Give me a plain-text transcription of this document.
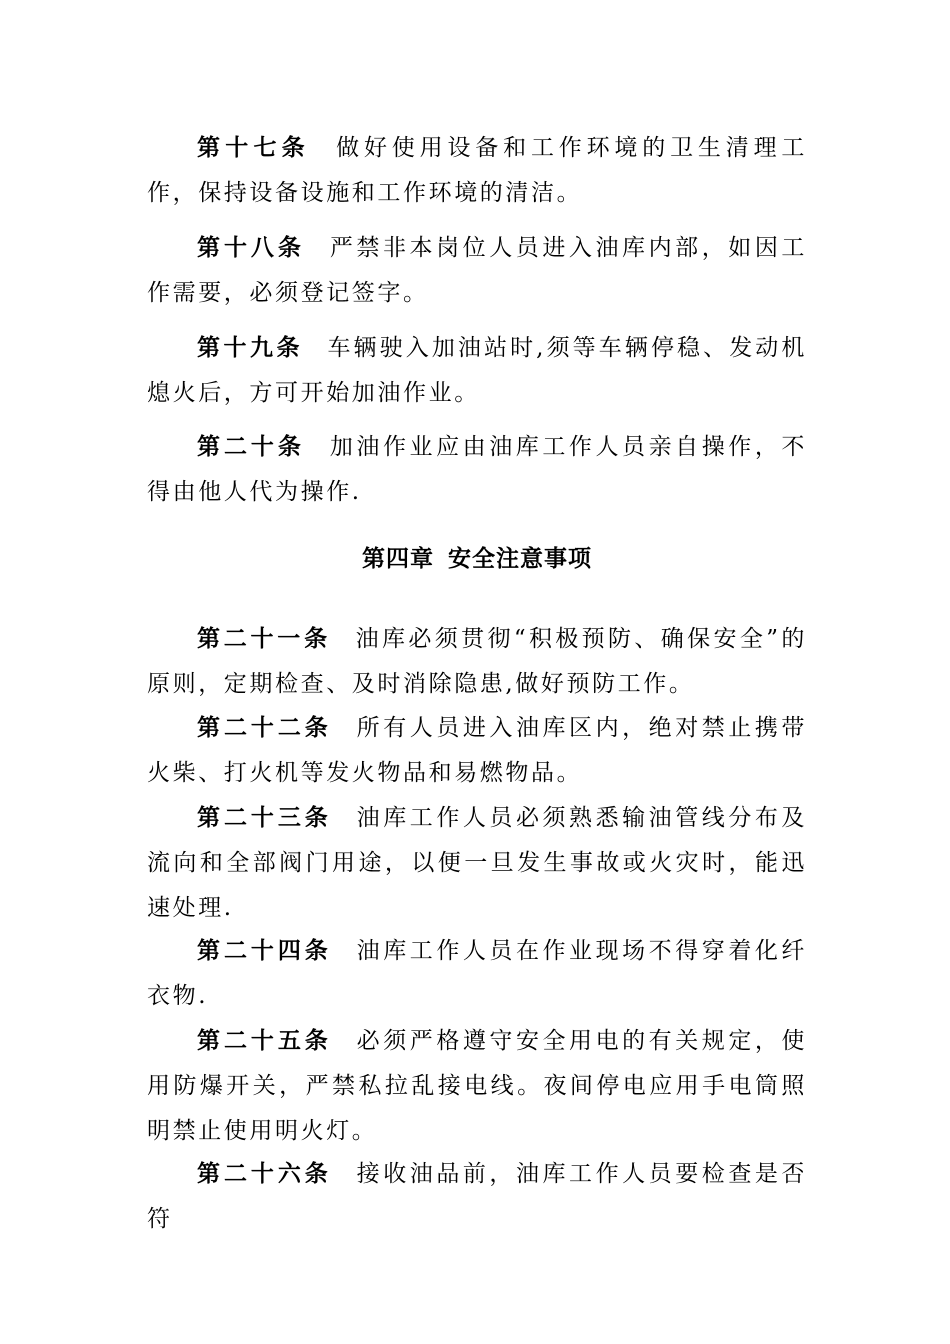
第十七条 做好使用设备和工作环境的卫生清理工作，保持设备设施和工作环境的清洁。

第十八条 严禁非本岗位人员进入油库内部，如因工作需要，必须登记签字。

第十九条 车辆驶入加油站时,须等车辆停稳、发动机熄火后，方可开始加油作业。

第二十条 加油作业应由油库工作人员亲自操作，不得由他人代为操作.

第四章 安全注意事项

第二十一条 油库必须贯彻“积极预防、确保安全”的原则，定期检查、及时消除隐患,做好预防工作。

第二十二条 所有人员进入油库区内，绝对禁止携带火柴、打火机等发火物品和易燃物品。

第二十三条 油库工作人员必须熟悉输油管线分布及流向和全部阀门用途，以便一旦发生事故或火灾时，能迅速处理.

第二十四条 油库工作人员在作业现场不得穿着化纤衣物.

第二十五条 必须严格遵守安全用电的有关规定，使用防爆开关，严禁私拉乱接电线。夜间停电应用手电筒照明禁止使用明火灯。

第二十六条 接收油品前，油库工作人员要检查是否符
